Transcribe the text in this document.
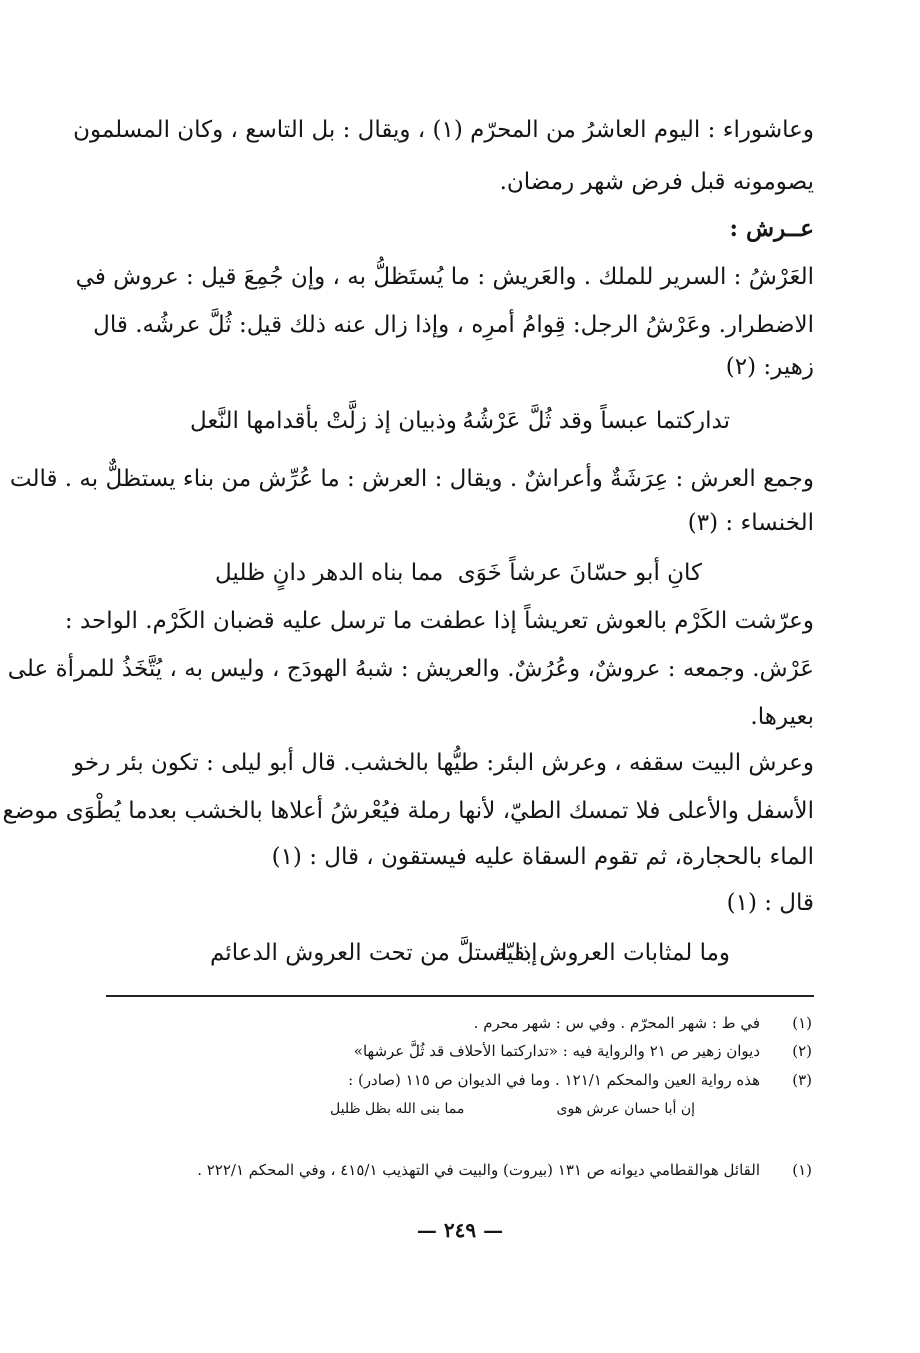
وعاشوراء : اليوم العاشرُ من المحرّم (١) ، ويقال : بل التاسع ، وكان المسلمون
يصومونه قبل فرض شهر رمضان.
عــرش :
العَرْشُ : السرير للملك . والعَريش : ما يُستَظلُّ به ، وإن جُمِعَ قيل : عروش في
الاضطرار. وعَرْشُ الرجل: قِوامُ أمرِه ، وإذا زال عنه ذلك قيل: ثُلَّ عرشُه. قال
زهير: (٢)
تداركتما عبساً وقد ثُلَّ عَرْشُهُ
وذبيان إذ زلَّتْ بأقدامها النَّعل
وجمع العرش : عِرَشَةٌ وأعراشٌ . ويقال : العرش : ما عُرِّش من بناء يستظلٌّ به . قالت
الخنساء : (٣)
كانِ أبو حسّانَ عرشاً خَوَى
مما بناه الدهر دانٍ ظليل
وعرّشت الكَرْم بالعوش تعريشاً إذا عطفت ما ترسل عليه قضبان الكَرْم. الواحد :
عَرْش. وجمعه : عروشٌ، وعُرُشٌ. والعريش : شبهُ الهودَج ، وليس به ، يُتَّخَذُ للمرأة على
بعيرها.
وعرش البيت سقفه ، وعرش البئر: طيُّها بالخشب. قال أبو ليلى : تكون بئر رخو
الأسفل والأعلى فلا تمسك الطيّ، لأنها رملة فيُعْرشُ أعلاها بالخشب بعدما يُطْوَى موضع
الماء بالحجارة، ثم تقوم السقاة عليه فيستقون ، قال : (١)
قال : (١)
وما لمثابات العروش بقيّة
إذا استلَّ من تحت العروش الدعائم
(١)
في ط : شهر المحرّم . وفي س : شهر محرم .
(٢)
ديوان زهير ص ٢١ والرواية فيه : «تداركتما الأحلاف قد ثُلَّ عرشها»
(٣)
هذه رواية العين والمحكم ١٢١/١ . وما في الديوان ص ١١٥ (صادر) :
إن أبا حسان عرش هوى
مما بنى الله بظل ظليل
(١)
القائل هوالقطامي ديوانه ص ١٣١ (بيروت) والبيت في التهذيب ٤١٥/١ ، وفي المحكم ٢٢٢/١ .
— ٢٤٩ —
